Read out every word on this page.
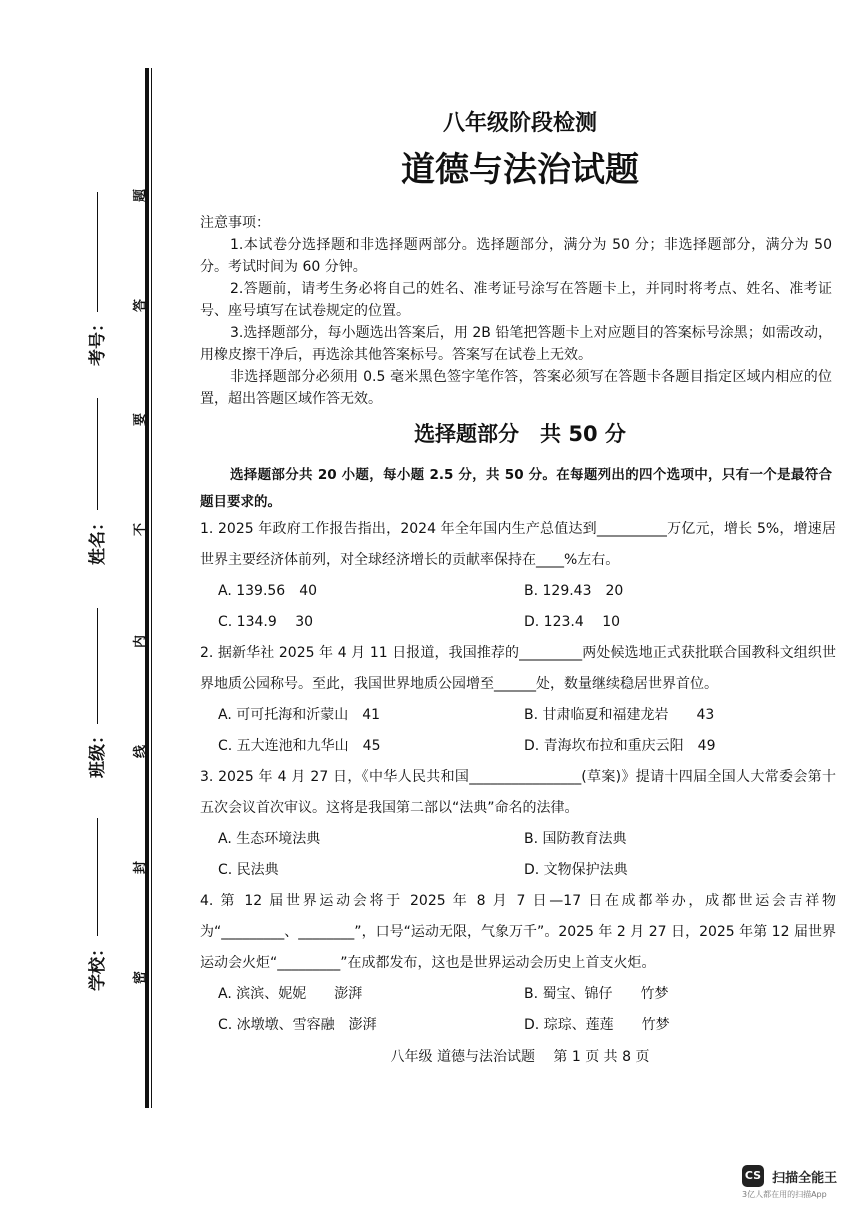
考号：
姓名：
班级：
学校：
题
答
要
不
内
线
封
密
八年级阶段检测
道德与法治试题

注意事项：

1.本试卷分选择题和非选择题两部分。选择题部分，满分为 50 分；非选择题部分，满分为 50 分。考试时间为 60 分钟。

2.答题前，请考生务必将自己的姓名、准考证号涂写在答题卡上，并同时将考点、姓名、准考证号、座号填写在试卷规定的位置。

3.选择题部分，每小题选出答案后，用 2B 铅笔把答题卡上对应题目的答案标号涂黑；如需改动，用橡皮擦干净后，再选涂其他答案标号。答案写在试卷上无效。

非选择题部分必须用 0.5 毫米黑色签字笔作答，答案必须写在答题卡各题目指定区域内相应的位置，超出答题区域作答无效。

选择题部分　共 50 分
选择题部分共 20 小题，每小题 2.5 分，共 50 分。在每题列出的四个选项中，只有一个是最符合题目要求的。

1. 2025 年政府工作报告指出，2024 年全年国内生产总值达到__________万亿元，增长 5%，增速居世界主要经济体前列，对全球经济增长的贡献率保持在____%左右。

A. 139.56　40	B. 129.43　20
C. 134.9　 30	D. 123.4　 10

2. 据新华社 2025 年 4 月 11 日报道，我国推荐的_________两处候选地正式获批联合国教科文组织世界地质公园称号。至此，我国世界地质公园增至______处，数量继续稳居世界首位。

A. 可可托海和沂蒙山　41	B. 甘肃临夏和福建龙岩　　43
C. 五大连池和九华山　45	D. 青海坎布拉和重庆云阳　49

3. 2025 年 4 月 27 日，《中华人民共和国________________(草案)》提请十四届全国人大常委会第十五次会议首次审议。这将是我国第二部以“法典”命名的法律。

A. 生态环境法典	B. 国防教育法典
C. 民法典	D. 文物保护法典

4. 第 12 届世界运动会将于 2025 年 8 月 7 日—17 日在成都举办，成都世运会吉祥物为“_________、________”，口号“运动无限，气象万千”。2025 年 2 月 27 日，2025 年第 12 届世界运动会火炬“_________”在成都发布，这也是世界运动会历史上首支火炬。

A. 滨滨、妮妮　　澎湃	B. 蜀宝、锦仔　　竹梦
C. 冰墩墩、雪容融　澎湃	D. 琮琮、莲莲　　竹梦
八年级 道德与法治试题　 第 1 页 共 8 页
CS 扫描全能王
3亿人都在用的扫描App
